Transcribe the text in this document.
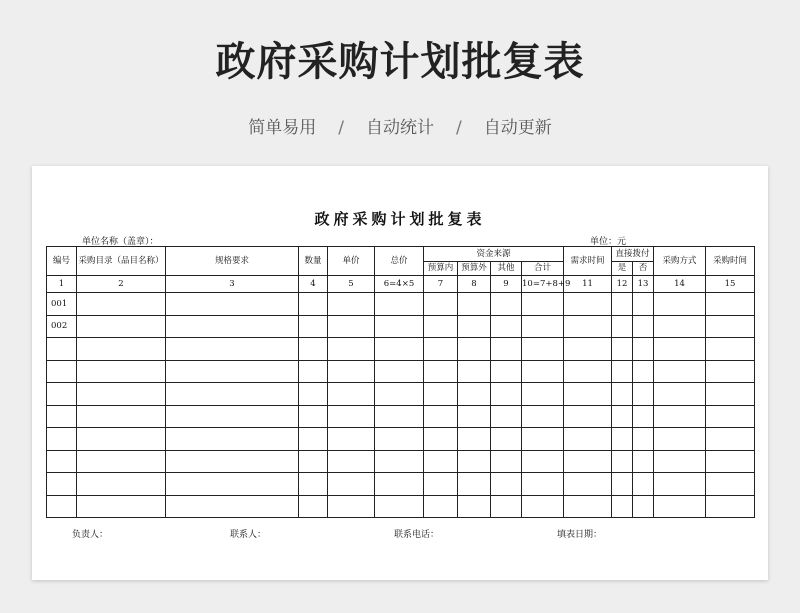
政府采购计划批复表
简单易用 / 自动统计 / 自动更新
政府采购计划批复表
单位名称（盖章）：	单位：元
编号	采购目录（品目名称）	规格要求	数量	单价	总价	资金来源				需求时间	直接拨付		采购方式	采购时间
						预算内	预算外	其他	合计		是	否		
1	2	3	4	5	6=4×5	7	8	9	10=7+8+9	11	12	13	14	15
001														
002														

负责人：	联系人：	联系电话：	填表日期：
